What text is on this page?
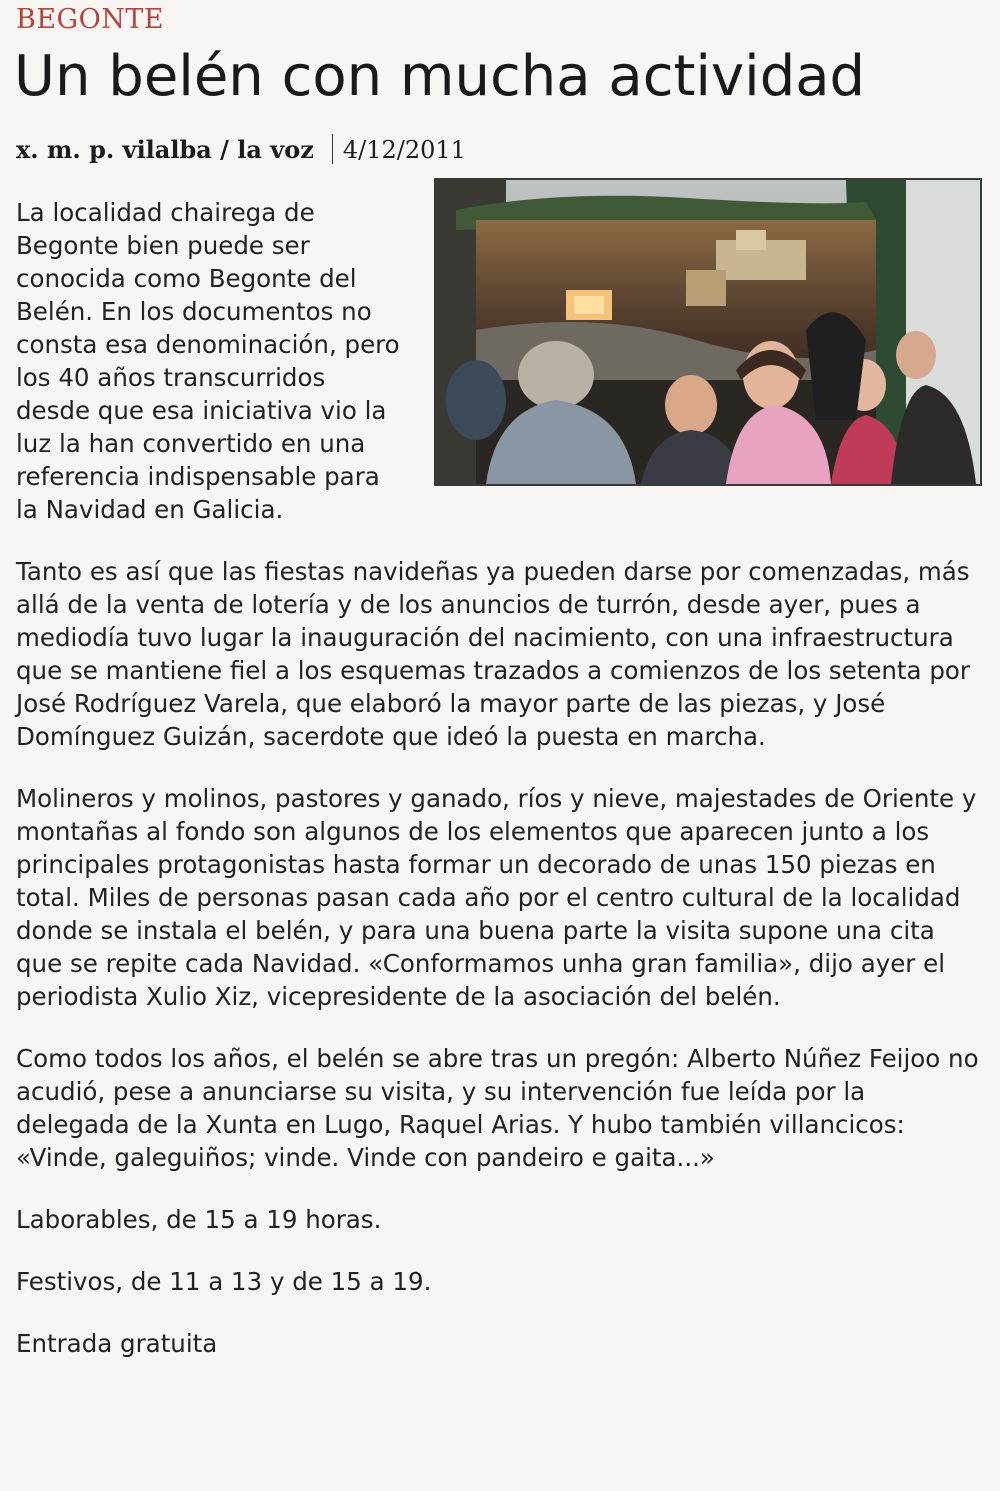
BEGONTE
Un belén con mucha actividad
x. m. p. vilalba / la voz 4/12/2011

La localidad chairega de Begonte bien puede ser conocida como Begonte del Belén. En los documentos no consta esa denominación, pero los 40 años transcurridos desde que esa iniciativa vio la luz la han convertido en una referencia indispensable para la Navidad en Galicia.

Tanto es así que las fiestas navideñas ya pueden darse por comenzadas, más allá de la venta de lotería y de los anuncios de turrón, desde ayer, pues a mediodía tuvo lugar la inauguración del nacimiento, con una infraestructura que se mantiene fiel a los esquemas trazados a comienzos de los setenta por José Rodríguez Varela, que elaboró la mayor parte de las piezas, y José Domínguez Guizán, sacerdote que ideó la puesta en marcha.

Molineros y molinos, pastores y ganado, ríos y nieve, majestades de Oriente y montañas al fondo son algunos de los elementos que aparecen junto a los principales protagonistas hasta formar un decorado de unas 150 piezas en total. Miles de personas pasan cada año por el centro cultural de la localidad donde se instala el belén, y para una buena parte la visita supone una cita que se repite cada Navidad. «Conformamos unha gran familia», dijo ayer el periodista Xulio Xiz, vicepresidente de la asociación del belén.

Como todos los años, el belén se abre tras un pregón: Alberto Núñez Feijoo no acudió, pese a anunciarse su visita, y su intervención fue leída por la delegada de la Xunta en Lugo, Raquel Arias. Y hubo también villancicos: «Vinde, galeguiños; vinde. Vinde con pandeiro e gaita...»

Laborables, de 15 a 19 horas.

Festivos, de 11 a 13 y de 15 a 19.

Entrada gratuita
